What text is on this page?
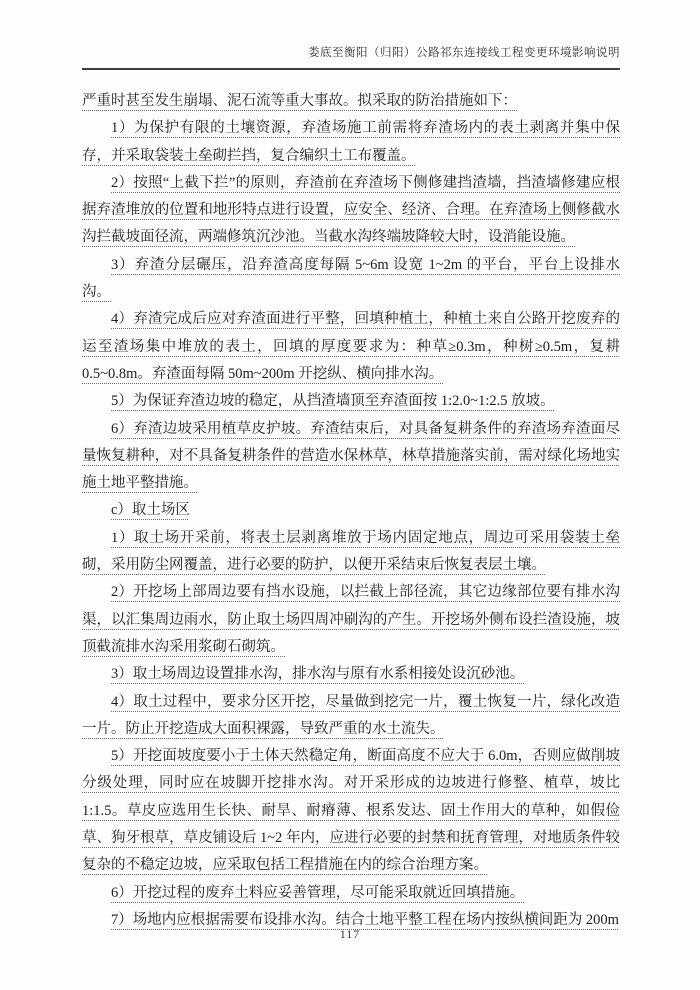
娄底至衡阳（归阳）公路祁东连接线工程变更环境影响说明

严重时甚至发生崩塌、泥石流等重大事故。拟采取的防治措施如下：

1）为保护有限的土壤资源，弃渣场施工前需将弃渣场内的表土剥离并集中保存，并采取袋装土垒砌拦挡，复合编织土工布覆盖。

2）按照“上截下拦”的原则，弃渣前在弃渣场下侧修建挡渣墙，挡渣墙修建应根据弃渣堆放的位置和地形特点进行设置，应安全、经济、合理。在弃渣场上侧修截水沟拦截坡面径流，两端修筑沉沙池。当截水沟终端坡降较大时，设消能设施。

3）弃渣分层碾压，沿弃渣高度每隔 5~6m 设宽 1~2m 的平台，平台上设排水沟。

4）弃渣完成后应对弃渣面进行平整，回填种植土，种植土来自公路开挖废弃的运至渣场集中堆放的表土，回填的厚度要求为：种草≥0.3m，种树≥0.5m，复耕 0.5~0.8m。弃渣面每隔 50m~200m 开挖纵、横向排水沟。

5）为保证弃渣边坡的稳定，从挡渣墙顶至弃渣面按 1:2.0~1:2.5 放坡。

6）弃渣边坡采用植草皮护坡。弃渣结束后，对具备复耕条件的弃渣场弃渣面尽量恢复耕种，对不具备复耕条件的营造水保林草，林草措施落实前，需对绿化场地实施土地平整措施。

c）取土场区

1）取土场开采前，将表土层剥离堆放于场内固定地点，周边可采用袋装土垒砌，采用防尘网覆盖，进行必要的防护，以便开采结束后恢复表层土壤。

2）开挖场上部周边要有挡水设施，以拦截上部径流，其它边缘部位要有排水沟渠，以汇集周边雨水，防止取土场四周冲刷沟的产生。开挖场外侧布设拦渣设施，坡顶截流排水沟采用浆砌石砌筑。

3）取土场周边设置排水沟，排水沟与原有水系相接处设沉砂池。

4）取土过程中，要求分区开挖，尽量做到挖完一片，覆土恢复一片，绿化改造一片。防止开挖造成大面积裸露，导致严重的水土流失。

5）开挖面坡度要小于土体天然稳定角，断面高度不应大于 6.0m，否则应做削坡分级处理，同时应在坡脚开挖排水沟。对开采形成的边坡进行修整、植草，坡比 1:1.5。草皮应选用生长快、耐旱、耐瘠薄、根系发达、固土作用大的草种，如假俭草、狗牙根草，草皮铺设后 1~2 年内，应进行必要的封禁和抚育管理，对地质条件较复杂的不稳定边坡，应采取包括工程措施在内的综合治理方案。

6）开挖过程的废弃土料应妥善管理，尽可能采取就近回填措施。

7）场地内应根据需要布设排水沟。结合土地平整工程在场内按纵横间距为 200m

117
